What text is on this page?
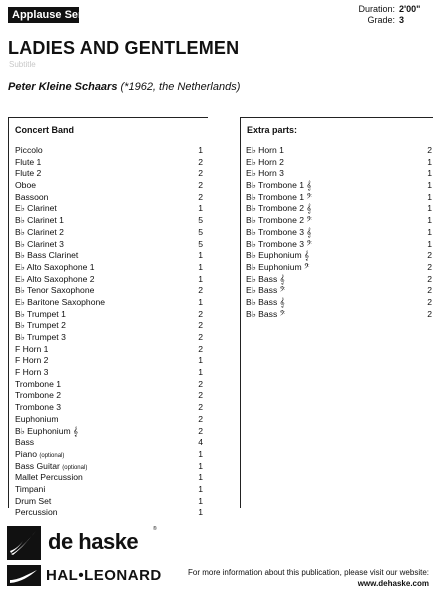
Applause Series	Duration: 2'00"
Grade: 3
LADIES AND GENTLEMEN
Subtitle
Peter Kleine Schaars (*1962, the Netherlands)
Concert Band	Extra parts:
Piccolo	1
Flute 1	2
Flute 2	2
Oboe	2
Bassoon	2
E♭ Clarinet	1
B♭ Clarinet 1	5
B♭ Clarinet 2	5
B♭ Clarinet 3	5
B♭ Bass Clarinet	1
E♭ Alto Saxophone 1	1
E♭ Alto Saxophone 2	1
B♭ Tenor Saxophone	2
E♭ Baritone Saxophone	1
B♭ Trumpet 1	2
B♭ Trumpet 2	2
B♭ Trumpet 3	2
F Horn 1	2
F Horn 2	1
F Horn 3	1
Trombone 1	2
Trombone 2	2
Trombone 3	2
Euphonium	2
B♭ Euphonium 𝄞	2
Bass	4
Piano (optional)	1
Bass Guitar (optional)	1
Mallet Percussion	1
Timpani	1
Drum Set	1
Percussion	1
E♭ Horn 1	2
E♭ Horn 2	1
E♭ Horn 3	1
B♭ Trombone 1 𝄞	1
B♭ Trombone 1 𝄢	1
B♭ Trombone 2 𝄞	1
B♭ Trombone 2 𝄢	1
B♭ Trombone 3 𝄞	1
B♭ Trombone 3 𝄢	1
B♭ Euphonium 𝄞	2
B♭ Euphonium 𝄢	2
E♭ Bass 𝄞	2
E♭ Bass 𝄢	2
B♭ Bass 𝄞	2
B♭ Bass 𝄢	2
de haske	®
HAL•LEONARD	For more information about this publication, please visit our website:
www.dehaske.com
